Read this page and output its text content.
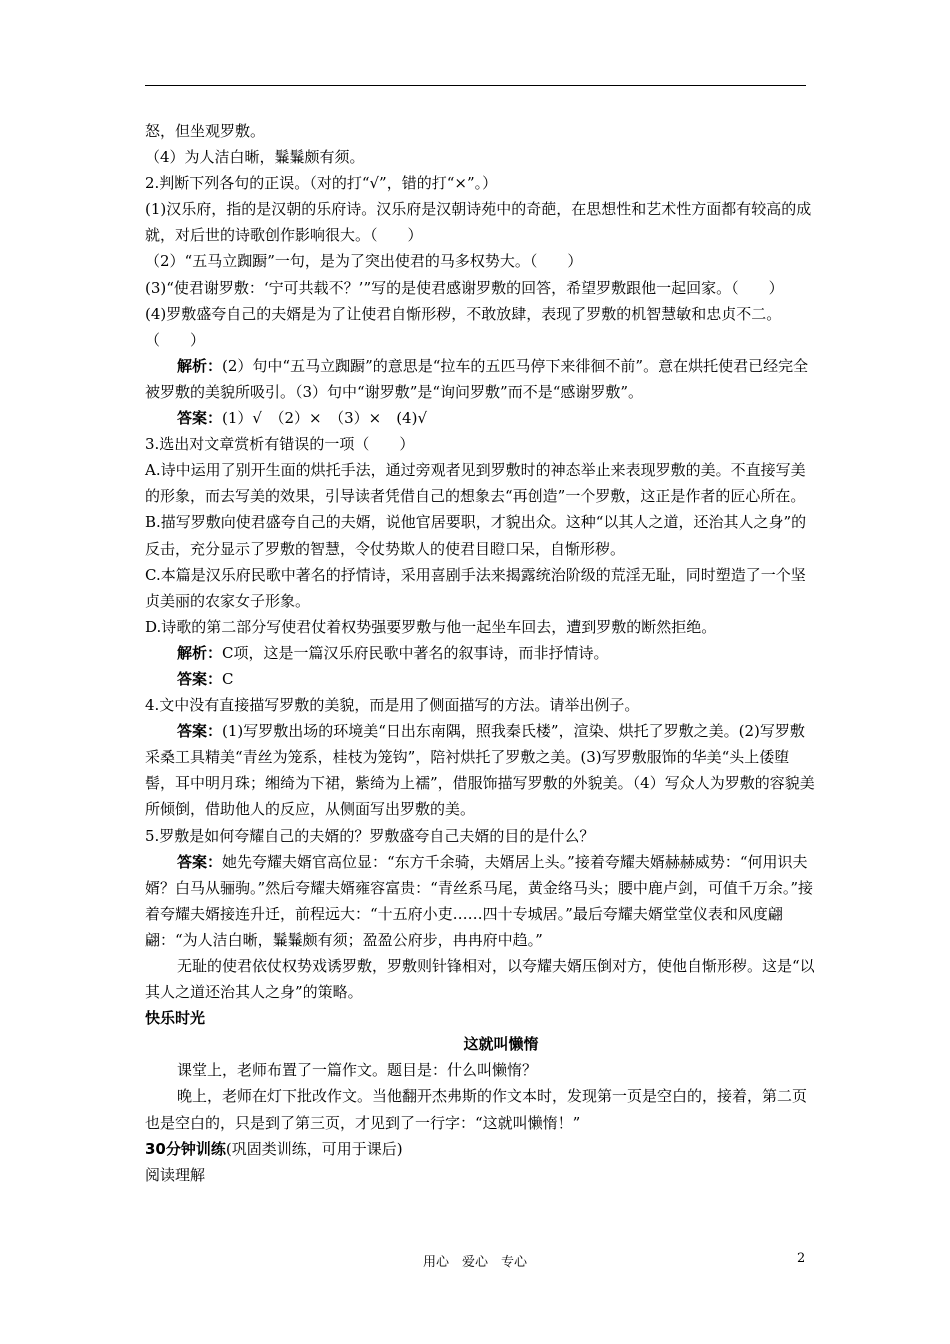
怒，但坐观罗敷。

（4）为人洁白晰，鬑鬑颇有须。

2.判断下列各句的正误。（对的打“√”，错的打“×”。）

(1)汉乐府，指的是汉朝的乐府诗。汉乐府是汉朝诗苑中的奇葩，在思想性和艺术性方面都有较高的成就，对后世的诗歌创作影响很大。（　　）

（2）“五马立踟蹰”一句，是为了突出使君的马多权势大。（　　）

(3)“使君谢罗敷：‘宁可共载不？’”写的是使君感谢罗敷的回答，希望罗敷跟他一起回家。（　　）

(4)罗敷盛夸自己的夫婿是为了让使君自惭形秽，不敢放肆，表现了罗敷的机智慧敏和忠贞不二。（　　）

解析：(2）句中“五马立踟蹰”的意思是“拉车的五匹马停下来徘徊不前”。意在烘托使君已经完全被罗敷的美貌所吸引。（3）句中“谢罗敷”是“询问罗敷”而不是“感谢罗敷”。

答案：(1）√　（2）×　（3）×　(4)√

3.选出对文章赏析有错误的一项（　　）

A.诗中运用了别开生面的烘托手法，通过旁观者见到罗敷时的神态举止来表现罗敷的美。不直接写美的形象，而去写美的效果，引导读者凭借自己的想象去“再创造”一个罗敷，这正是作者的匠心所在。

B.描写罗敷向使君盛夸自己的夫婿，说他官居要职，才貌出众。这种“以其人之道，还治其人之身”的反击，充分显示了罗敷的智慧，令仗势欺人的使君目瞪口呆，自惭形秽。

C.本篇是汉乐府民歌中著名的抒情诗，采用喜剧手法来揭露统治阶级的荒淫无耻，同时塑造了一个坚贞美丽的农家女子形象。

D.诗歌的第二部分写使君仗着权势强要罗敷与他一起坐车回去，遭到罗敷的断然拒绝。

解析：C项，这是一篇汉乐府民歌中著名的叙事诗，而非抒情诗。

答案：C

4.文中没有直接描写罗敷的美貌，而是用了侧面描写的方法。请举出例子。

答案：(1)写罗敷出场的环境美“日出东南隅，照我秦氏楼”，渲染、烘托了罗敷之美。(2)写罗敷采桑工具精美“青丝为笼系，桂枝为笼钩”，陪衬烘托了罗敷之美。(3)写罗敷服饰的华美“头上倭堕髻，耳中明月珠；缃绮为下裙，紫绮为上襦”，借服饰描写罗敷的外貌美。（4）写众人为罗敷的容貌美所倾倒，借助他人的反应，从侧面写出罗敷的美。

5.罗敷是如何夸耀自己的夫婿的？罗敷盛夸自己夫婿的目的是什么？

答案：她先夸耀夫婿官高位显：“东方千余骑，夫婿居上头。”接着夸耀夫婿赫赫威势：“何用识夫婿？白马从骊驹。”然后夸耀夫婿雍容富贵：“青丝系马尾，黄金络马头；腰中鹿卢剑，可值千万余。”接着夸耀夫婿接连升迁，前程远大：“十五府小吏……四十专城居。”最后夸耀夫婿堂堂仪表和风度翩翩：“为人洁白晰，鬑鬑颇有须；盈盈公府步，冉冉府中趋。”

无耻的使君依仗权势戏诱罗敷，罗敷则针锋相对，以夸耀夫婿压倒对方，使他自惭形秽。这是“以其人之道还治其人之身”的策略。

快乐时光

这就叫懒惰

课堂上，老师布置了一篇作文。题目是：什么叫懒惰？

晚上，老师在灯下批改作文。当他翻开杰弗斯的作文本时，发现第一页是空白的，接着，第二页也是空白的，只是到了第三页，才见到了一行字：“这就叫懒惰！”

30分钟训练(巩固类训练，可用于课后)

阅读理解

用心　爱心　专心	2
